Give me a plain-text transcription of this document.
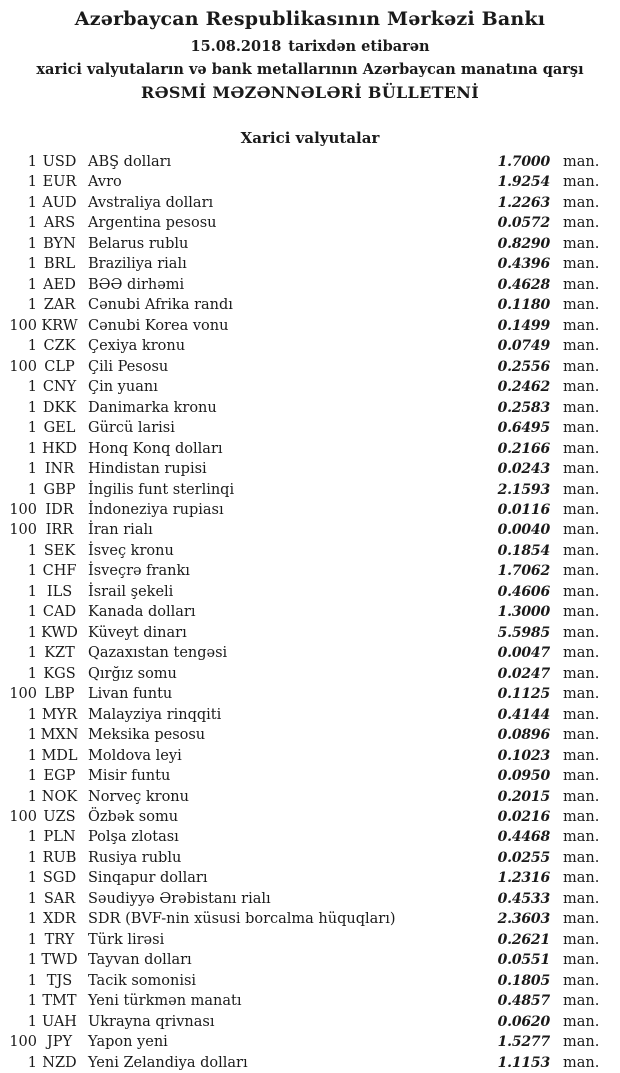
Azərbaycan Respublikasının Mərkəzi Bankı
15.08.2018 tarixdən etibarən
xarici valyutaların və bank metallarının Azərbaycan manatına qarşı
RƏSMİ MƏZƏNNƏLƏRİ BÜLLETENİ
Xarici valyutalar
1 USD ABŞ dolları	1.7000 man.
1 EUR Avro	1.9254 man.
1 AUD Avstraliya dolları	1.2263 man.
1 ARS Argentina pesosu	0.0572 man.
1 BYN Belarus rublu	0.8290 man.
1 BRL Braziliya rialı	0.4396 man.
1 AED BƏƏ dirhəmi	0.4628 man.
1 ZAR Cənubi Afrika randı	0.1180 man.
100 KRW Cənubi Korea vonu	0.1499 man.
1 CZK Çexiya kronu	0.0749 man.
100 CLP Çili Pesosu	0.2556 man.
1 CNY Çin yuanı	0.2462 man.
1 DKK Danimarka kronu	0.2583 man.
1 GEL Gürcü larisi	0.6495 man.
1 HKD Honq Konq dolları	0.2166 man.
1 INR Hindistan rupisi	0.0243 man.
1 GBP İngilis funt sterlinqi	2.1593 man.
100 IDR İndoneziya rupiası	0.0116 man.
100 IRR	İran rialı	0.0040 man.
1 SEK İsveç kronu	0.1854 man.
1 CHF İsveçrə frankı	1.7062 man.
1 ILS	İsrail şekeli	0.4606 man.
1 CAD Kanada dolları	1.3000 man.
1 KWD Küveyt dinarı	5.5985 man.
1 KZT Qazaxıstan tengəsi	0.0047 man.
1 KGS Qırğız somu	0.0247 man.
100 LBP Livan funtu	0.1125 man.
1 MYR Malayziya rinqqiti	0.4144 man.
1 MXN Meksika pesosu	0.0896 man.
1 MDL Moldova leyi	0.1023 man.
1 EGP Misir funtu	0.0950 man.
1 NOK Norveç kronu	0.2015 man.
100 UZS Özbək somu	0.0216 man.
1 PLN Polşa zlotası	0.4468 man.
1 RUB Rusiya rublu	0.0255 man.
1 SGD Sinqapur dolları	1.2316 man.
1 SAR Səudiyyə Ərəbistanı rialı	0.4533 man.
1 XDR SDR (BVF-nin xüsusi borcalma hüquqları)	2.3603 man.
1 TRY Türk lirəsi	0.2621 man.
1 TWD Tayvan dolları	0.0551 man.
1 TJS	Tacik somonisi	0.1805 man.
1 TMT Yeni türkmən manatı	0.4857 man.
1 UAH Ukrayna qrivnası	0.0620 man.
100 JPY	Yapon yeni	1.5277 man.
1 NZD Yeni Zelandiya dolları	1.1153 man.
